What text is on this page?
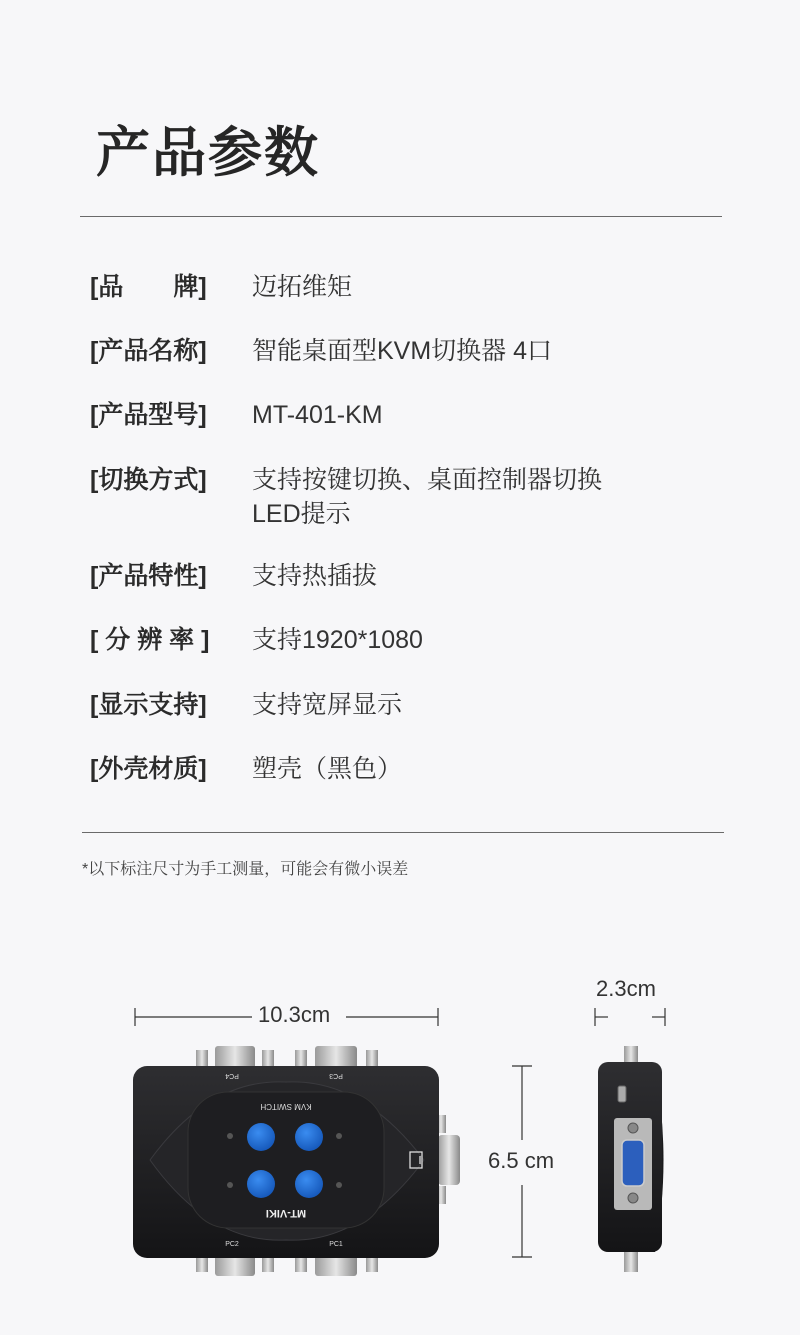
产品参数
[品　　牌]	迈拓维矩
[产品名称]	智能桌面型KVM切换器 4口
[产品型号]	MT-401-KM
[切换方式]	支持按键切换、桌面控制器切换
LED提示
[产品特性]	支持热插拔
[ 分 辨 率 ]	支持1920*1080
[显示支持]	支持宽屏显示
[外壳材质]	塑壳（黑色）
*以下标注尺寸为手工测量，可能会有微小误差
10.3cm
2.3cm
6.5 cm
PC4	PC3
PC2	PC1
KVM SWITCH
MT-VIKI
